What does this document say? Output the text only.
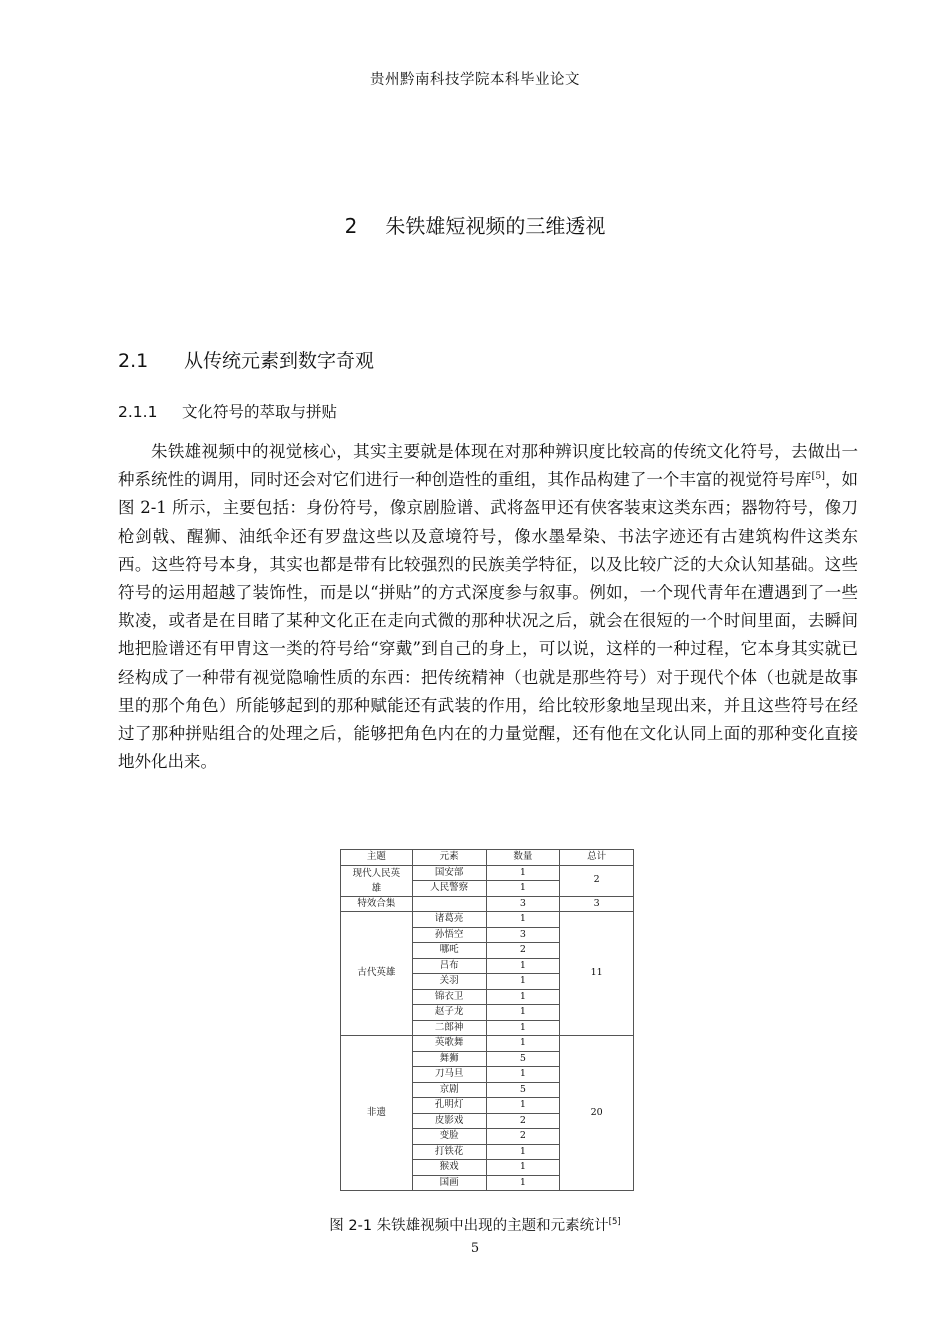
贵州黔南科技学院本科毕业论文
2 朱铁雄短视频的三维透视
2.1 从传统元素到数字奇观
2.1.1 文化符号的萃取与拼贴

朱铁雄视频中的视觉核心，其实主要就是体现在对那种辨识度比较高的传统文化符号，去做出一种系统性的调用，同时还会对它们进行一种创造性的重组，其作品构建了一个丰富的视觉符号库[5]，如图 2-1 所示，主要包括：身份符号，像京剧脸谱、武将盔甲还有侠客装束这类东西；器物符号，像刀枪剑戟、醒狮、油纸伞还有罗盘这些以及意境符号，像水墨晕染、书法字迹还有古建筑构件这类东西。这些符号本身，其实也都是带有比较强烈的民族美学特征，以及比较广泛的大众认知基础。这些符号的运用超越了装饰性，而是以“拼贴”的方式深度参与叙事。例如，一个现代青年在遭遇到了一些欺凌，或者是在目睹了某种文化正在走向式微的那种状况之后，就会在很短的一个时间里面，去瞬间地把脸谱还有甲胄这一类的符号给“穿戴”到自己的身上，可以说，这样的一种过程，它本身其实就已经构成了一种带有视觉隐喻性质的东西：把传统精神（也就是那些符号）对于现代个体（也就是故事里的那个角色）所能够起到的那种赋能还有武装的作用，给比较形象地呈现出来，并且这些符号在经过了那种拼贴组合的处理之后，能够把角色内在的力量觉醒，还有他在文化认同上面的那种变化直接地外化出来。

主题	元素	数量	总计
现代人民英雄	国安部	1	2
	人民警察	1	
特效合集		3	3
古代英雄	诸葛亮	1	11
	孙悟空	3	
	哪吒	2	
	吕布	1	
	关羽	1	
	锦衣卫	1	
	赵子龙	1	
	二郎神	1	
非遗	英歌舞	1	20
	舞狮	5	
	刀马旦	1	
	京剧	5	
	孔明灯	1	
	皮影戏	2	
	变脸	2	
	打铁花	1	
	猴戏	1	
	国画	1	
图 2-1 朱铁雄视频中出现的主题和元素统计[5]
5
